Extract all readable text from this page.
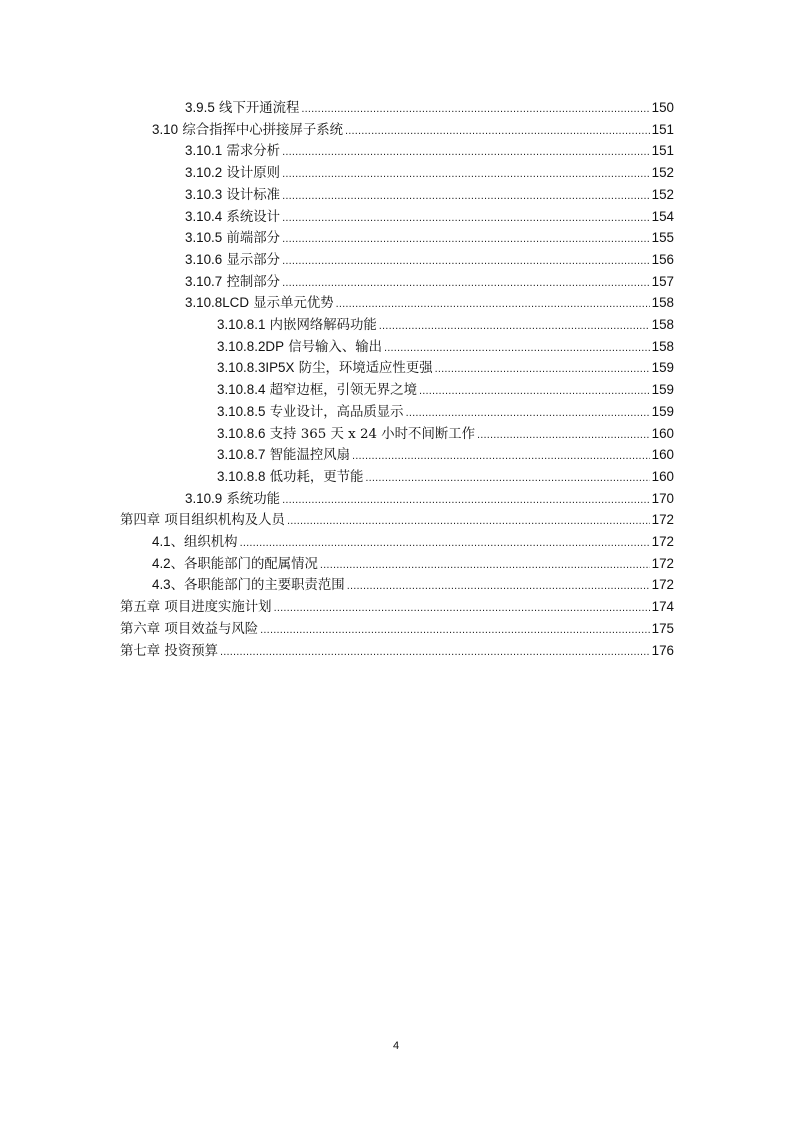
3.9.5 线下开通流程 .....	150
3.10 综合指挥中心拼接屏子系统 .....	151
3.10.1 需求分析 .....	151
3.10.2 设计原则 .....	152
3.10.3 设计标准 .....	152
3.10.4 系统设计 .....	154
3.10.5 前端部分 .....	155
3.10.6 显示部分 .....	156
3.10.7 控制部分 .....	157
3.10.8LCD 显示单元优势 .....	158
3.10.8.1 内嵌网络解码功能 .....	158
3.10.8.2DP 信号输入、输出 .....	158
3.10.8.3IP5X 防尘，环境适应性更强 .....	159
3.10.8.4 超窄边框，引领无界之境 .....	159
3.10.8.5 专业设计，高品质显示 .....	159
3.10.8.6 支持 365 天 x 24 小时不间断工作 .....	160
3.10.8.7 智能温控风扇 .....	160
3.10.8.8 低功耗，更节能 .....	160
3.10.9 系统功能 .....	170
第四章 项目组织机构及人员 .....	172
4.1、组织机构 .....	172
4.2、各职能部门的配属情况 .....	172
4.3、各职能部门的主要职责范围 .....	172
第五章 项目进度实施计划 .....	174
第六章 项目效益与风险 .....	175
第七章 投资预算 .....	176
4
